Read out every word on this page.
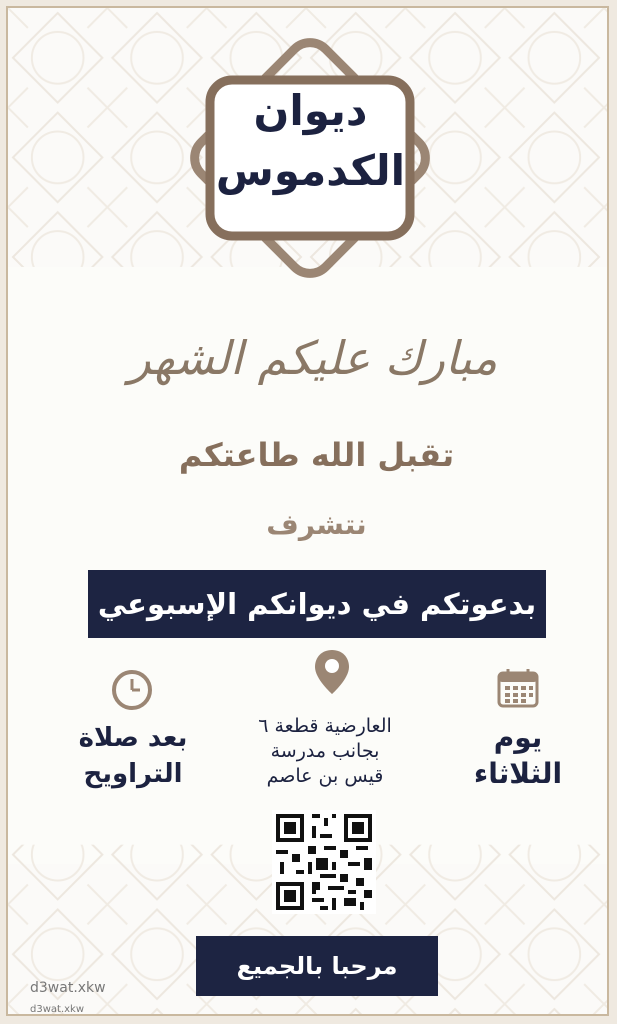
ديوان
الكدموس
مبارك عليكم الشهر
تقبل الله طاعتكم
نتشرف
بدعوتكم في ديوانكم الإسبوعي
يوم
الثلاثاء
العارضية قطعة ٦
بجانب مدرسة
قيس بن عاصم
بعد صلاة
التراويح
مرحبا بالجميع
d3wat.xkw
d3wat.xkw
